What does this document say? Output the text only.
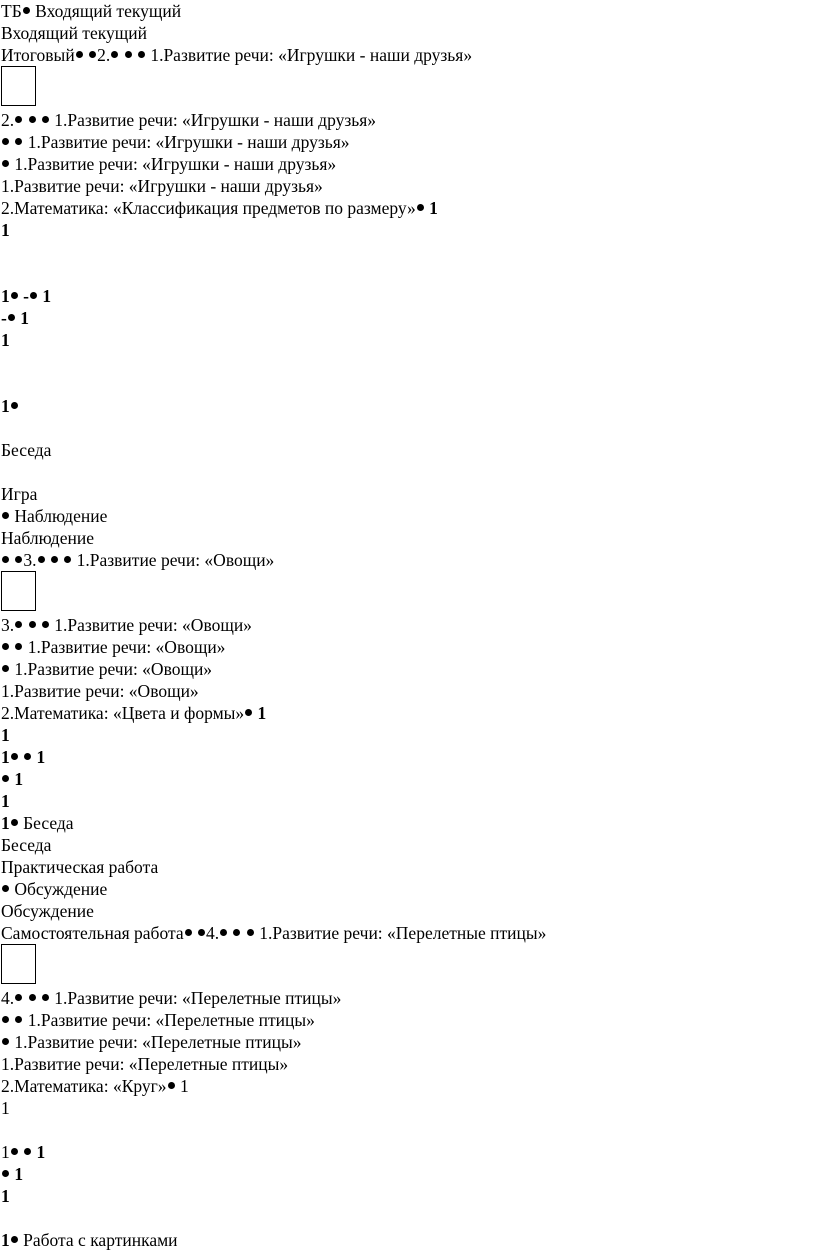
ТБ Входящий текущий
Входящий текущий
Итоговый 2.   1.Развитие речи: «Игрушки - наши друзья»
2.   1.Развитие речи: «Игрушки - наши друзья»
1.Развитие речи: «Игрушки - наши друзья»
1.Развитие речи: «Игрушки - наши друзья»
1.Развитие речи: «Игрушки - наши друзья»
2.Математика: «Классификация предметов по размеру» 1
1
1 - 1
- 1
1
1
Беседа
Игра
Наблюдение
Наблюдение
3.   1.Развитие речи: «Овощи»
3.   1.Развитие речи: «Овощи»
1.Развитие речи: «Овощи»
1.Развитие речи: «Овощи»
1.Развитие речи: «Овощи»
2.Математика: «Цвета и формы» 1
1
1  1
1
1
1 Беседа
Беседа
Практическая работа
Обсуждение
Обсуждение
Самостоятельная работа 4.   1.Развитие речи: «Перелетные птицы»
4.   1.Развитие речи: «Перелетные птицы»
1.Развитие речи: «Перелетные птицы»
1.Развитие речи: «Перелетные птицы»
1.Развитие речи: «Перелетные птицы»
2.Математика: «Круг» 1
1
1 1
1
1
1 Работа с картинками
